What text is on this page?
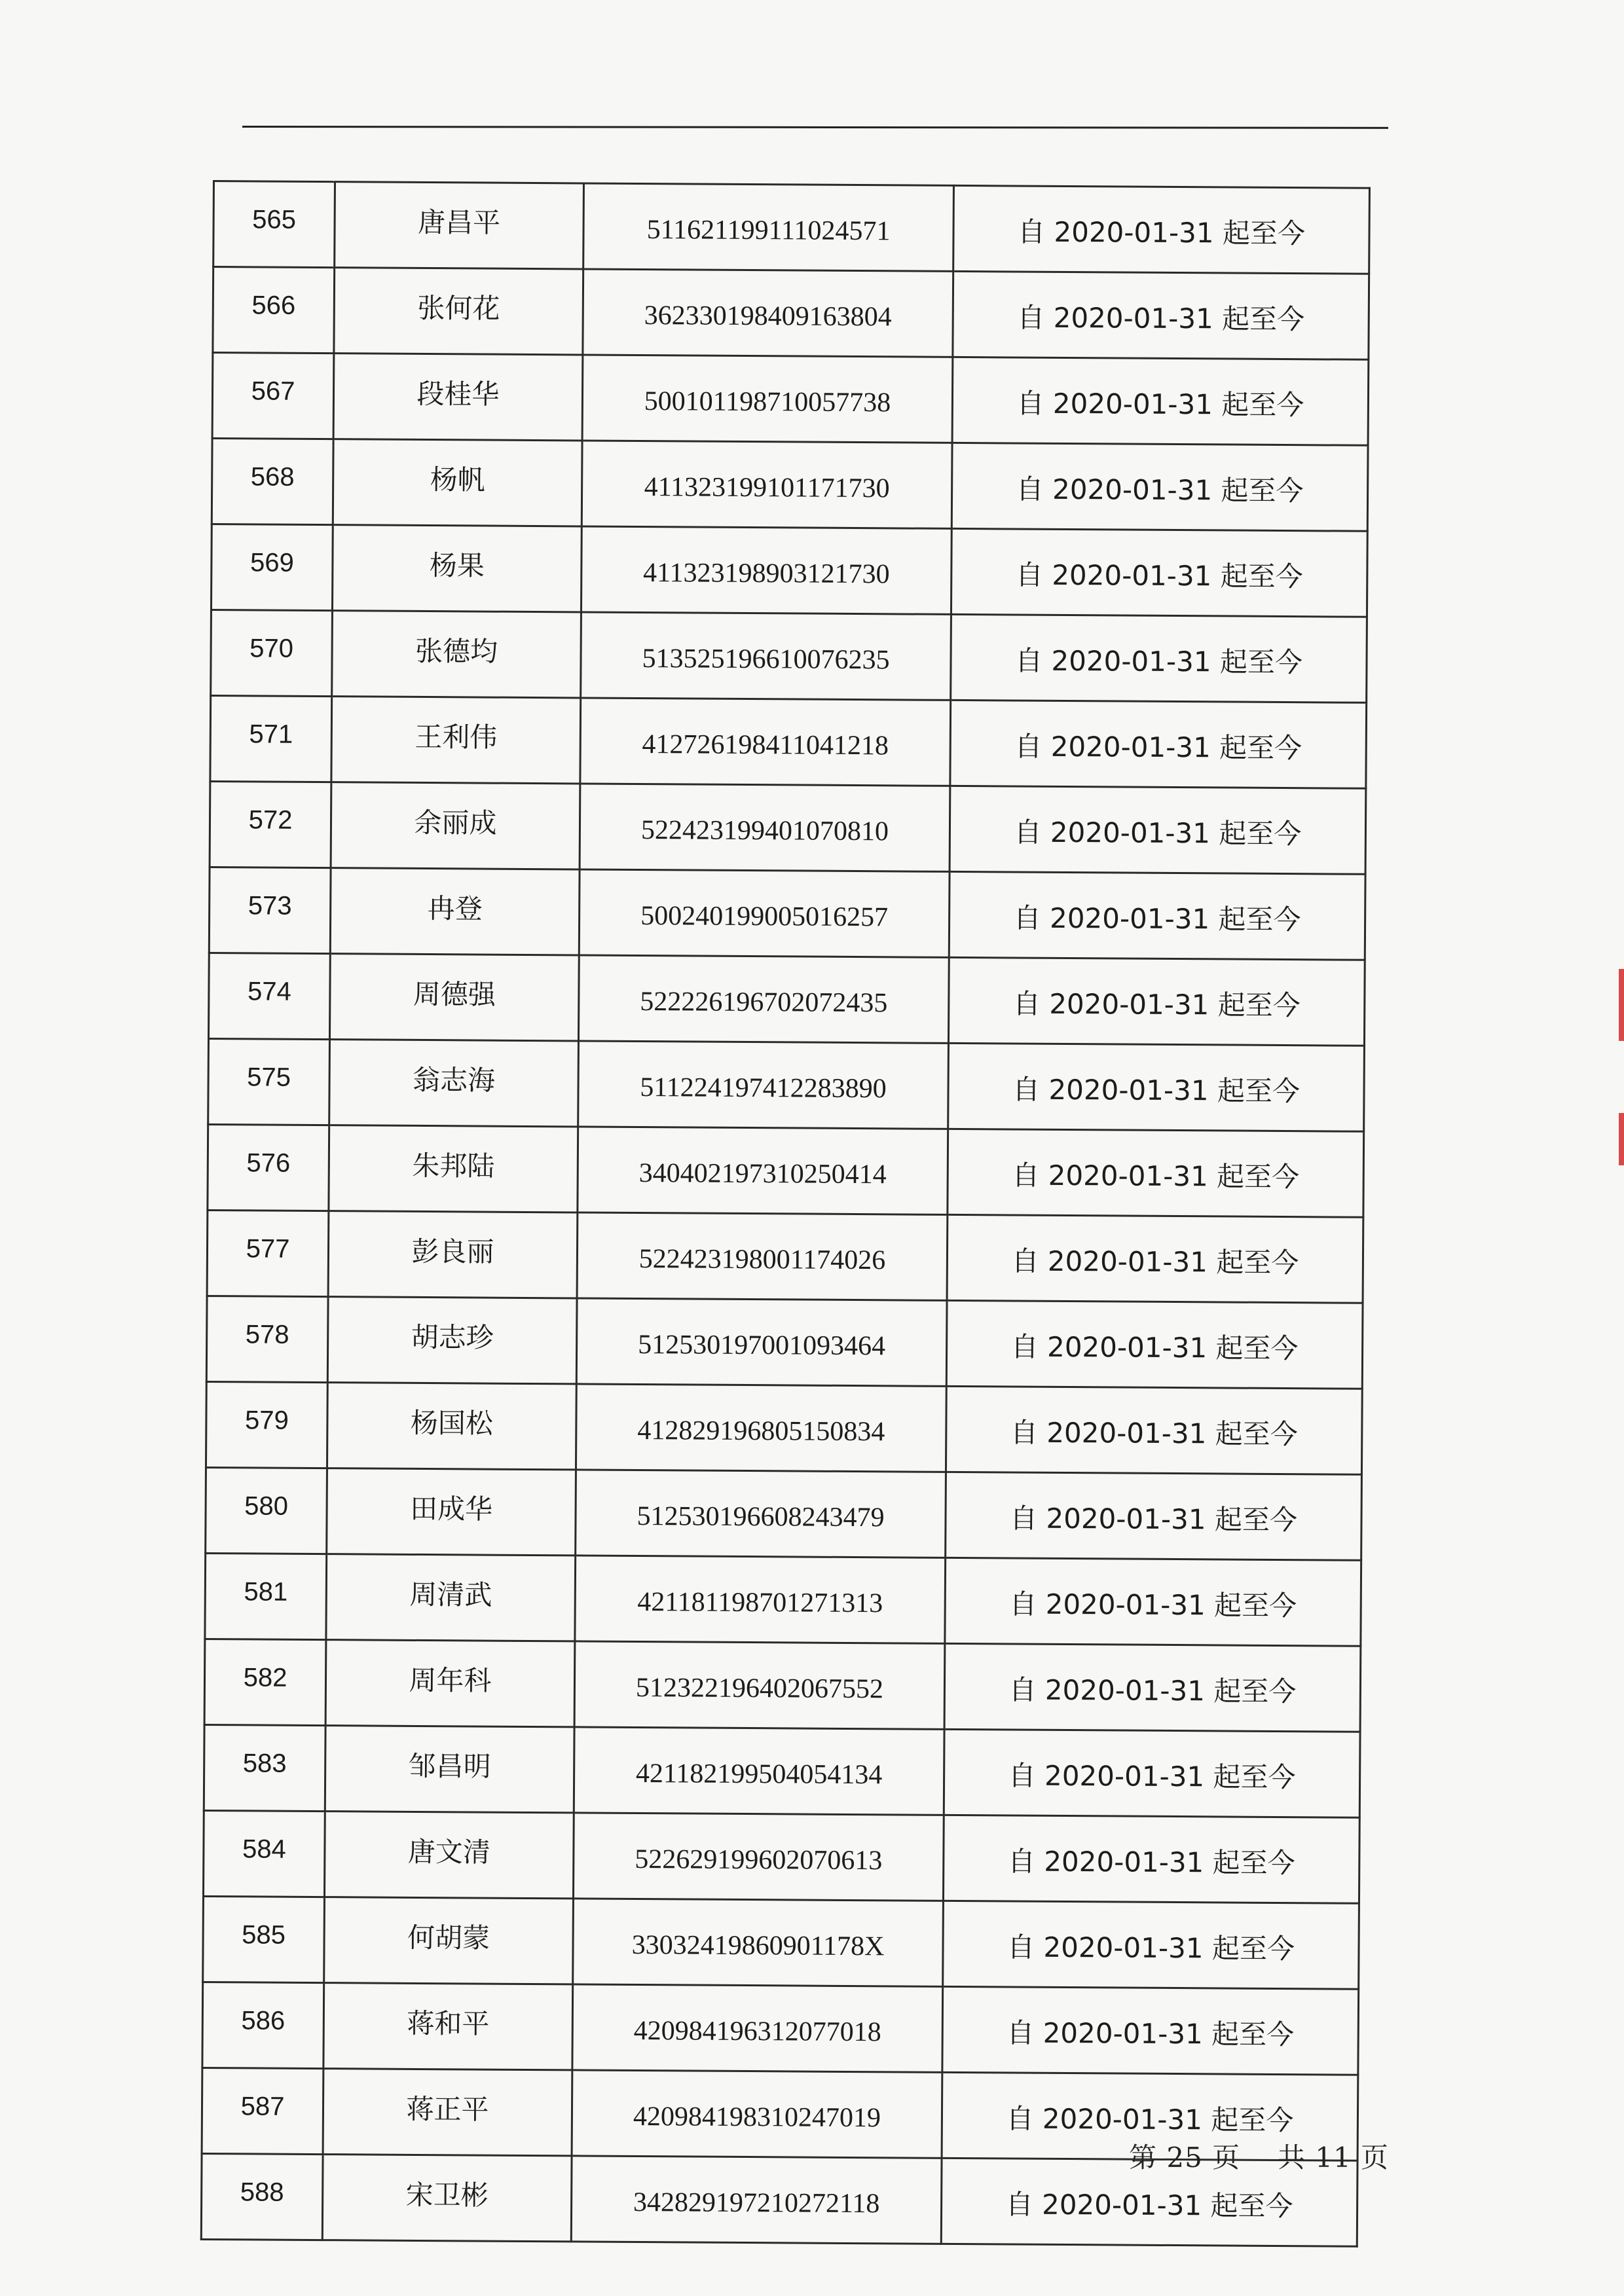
565	唐昌平	511621199111024571	自 2020-01-31 起至今
566	张何花	362330198409163804	自 2020-01-31 起至今
567	段桂华	500101198710057738	自 2020-01-31 起至今
568	杨帆	411323199101171730	自 2020-01-31 起至今
569	杨果	411323198903121730	自 2020-01-31 起至今
570	张德均	513525196610076235	自 2020-01-31 起至今
571	王利伟	412726198411041218	自 2020-01-31 起至今
572	余丽成	522423199401070810	自 2020-01-31 起至今
573	冉登	500240199005016257	自 2020-01-31 起至今
574	周德强	522226196702072435	自 2020-01-31 起至今
575	翁志海	511224197412283890	自 2020-01-31 起至今
576	朱邦陆	340402197310250414	自 2020-01-31 起至今
577	彭良丽	522423198001174026	自 2020-01-31 起至今
578	胡志珍	512530197001093464	自 2020-01-31 起至今
579	杨国松	412829196805150834	自 2020-01-31 起至今
580	田成华	512530196608243479	自 2020-01-31 起至今
581	周清武	421181198701271313	自 2020-01-31 起至今
582	周年科	512322196402067552	自 2020-01-31 起至今
583	邹昌明	421182199504054134	自 2020-01-31 起至今
584	唐文清	522629199602070613	自 2020-01-31 起至今
585	何胡蒙	33032419860901178X	自 2020-01-31 起至今
586	蒋和平	420984196312077018	自 2020-01-31 起至今
587	蒋正平	420984198310247019	自 2020-01-31 起至今
588	宋卫彬	342829197210272118	自 2020-01-31 起至今
第 25 页 共 11 页
